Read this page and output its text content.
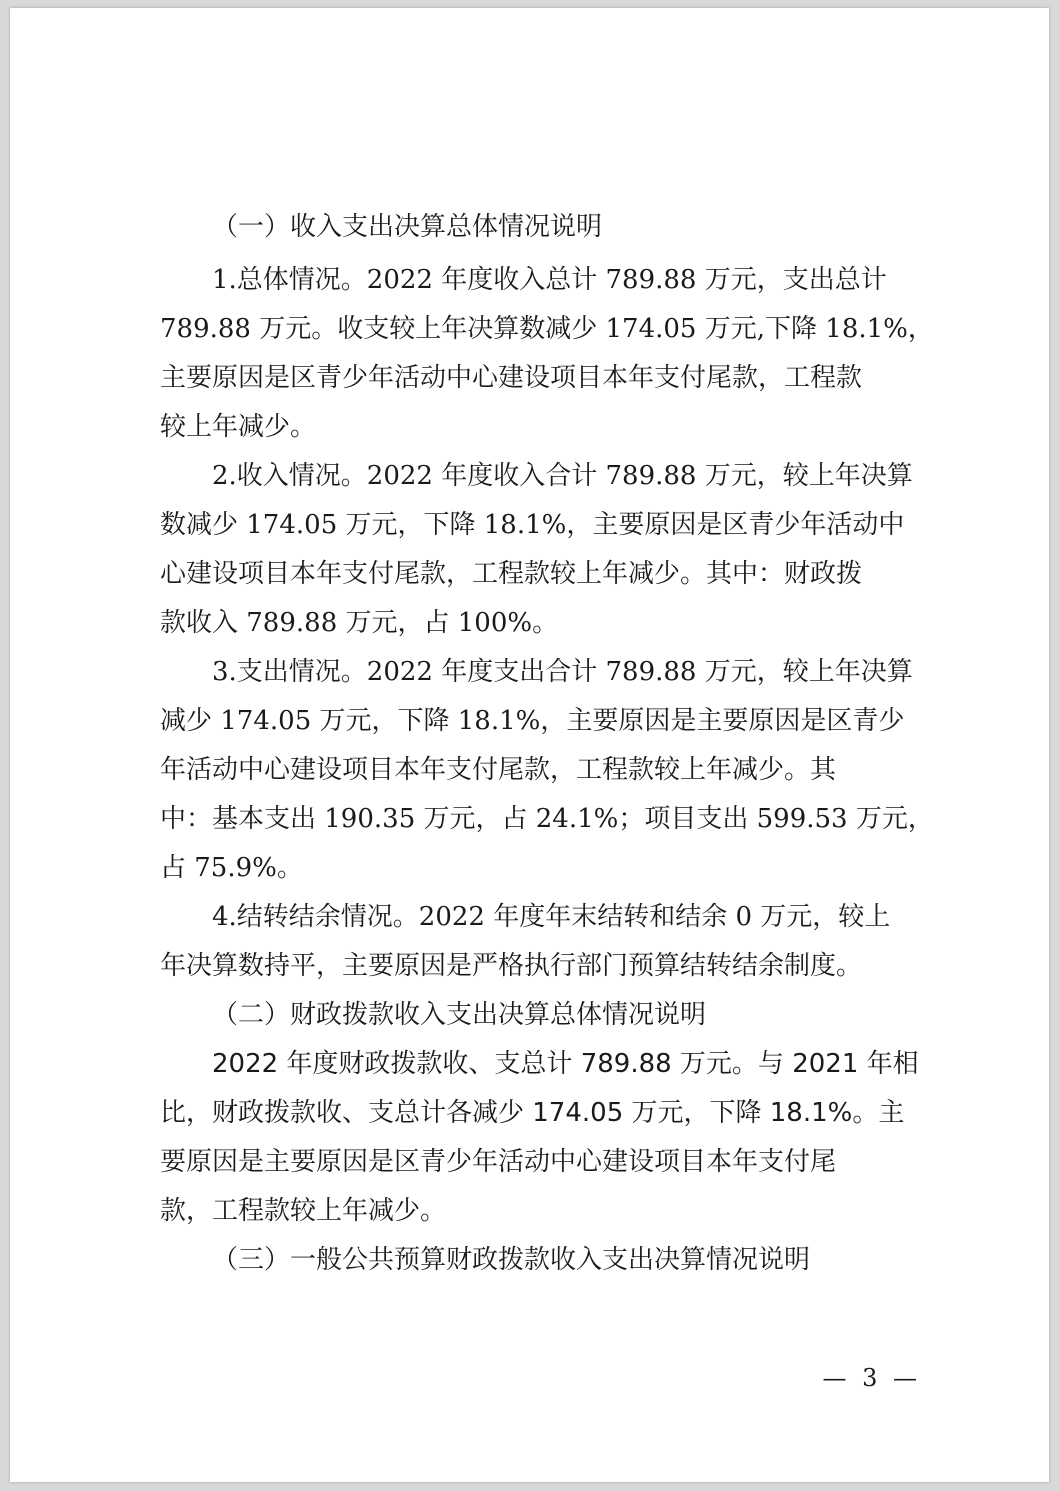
（一）收入支出决算总体情况说明

1.总体情况。2022 年度收入总计 789.88 万元，支出总计

789.88 万元。收支较上年决算数减少 174.05 万元,下降 18.1%，

主要原因是区青少年活动中心建设项目本年支付尾款，工程款

较上年减少。

2.收入情况。2022 年度收入合计 789.88 万元，较上年决算

数减少 174.05 万元，下降 18.1%，主要原因是区青少年活动中

心建设项目本年支付尾款，工程款较上年减少。其中：财政拨

款收入 789.88 万元，占 100%。

3.支出情况。2022 年度支出合计 789.88 万元，较上年决算

减少 174.05 万元，下降 18.1%，主要原因是主要原因是区青少

年活动中心建设项目本年支付尾款，工程款较上年减少。其

中：基本支出 190.35 万元，占 24.1%；项目支出 599.53 万元，

占 75.9%。

4.结转结余情况。2022 年度年末结转和结余 0 万元，较上

年决算数持平，主要原因是严格执行部门预算结转结余制度。

（二）财政拨款收入支出决算总体情况说明

2022 年度财政拨款收、支总计 789.88 万元。与 2021 年相

比，财政拨款收、支总计各减少 174.05 万元，下降 18.1%。主

要原因是主要原因是区青少年活动中心建设项目本年支付尾

款，工程款较上年减少。

（三）一般公共预算财政拨款收入支出决算情况说明

— 3 —
